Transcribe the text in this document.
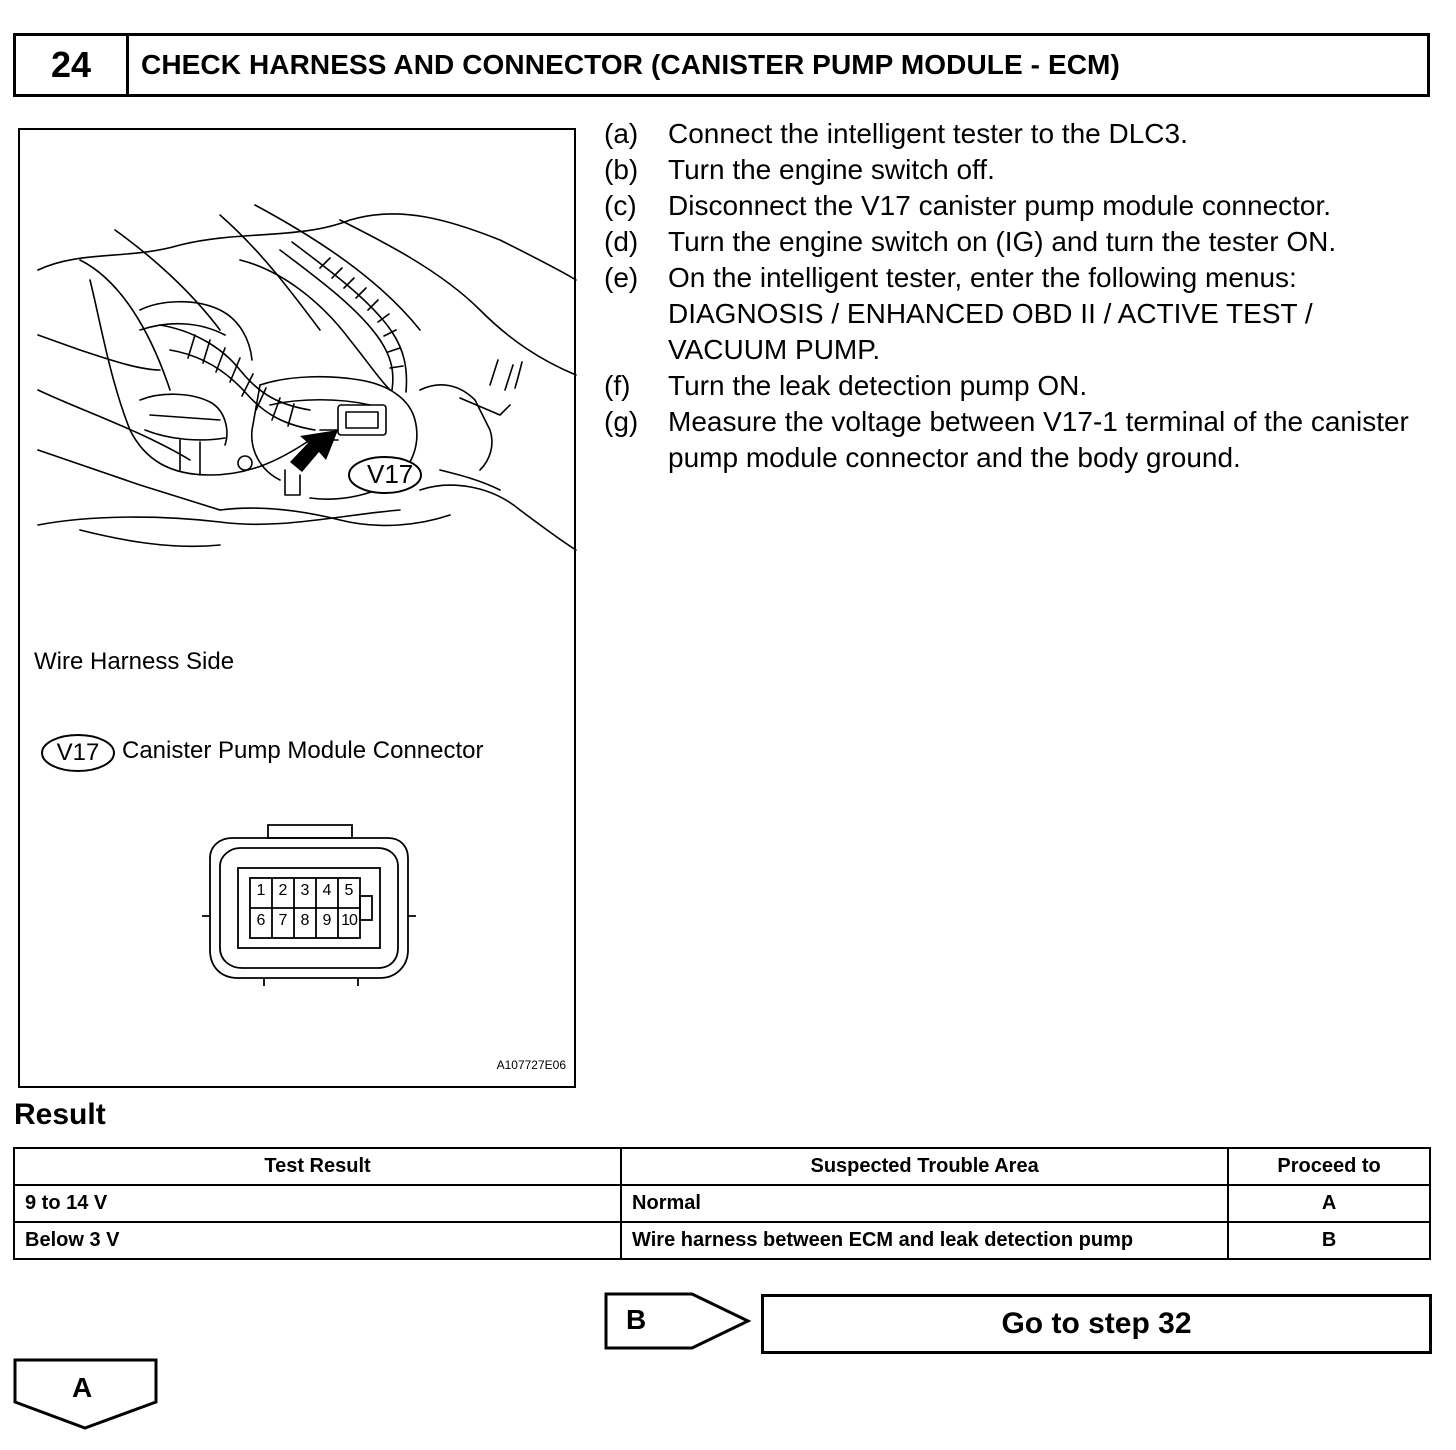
24	CHECK HARNESS AND CONNECTOR (CANISTER PUMP MODULE - ECM)
V17
Wire Harness Side
V17 Canister Pump Module Connector
1 2 3 4 5
6 7 8 9 10
A107727E06
(a)	Connect the intelligent tester to the DLC3.
(b)	Turn the engine switch off.
(c)	Disconnect the V17 canister pump module connector.
(d)	Turn the engine switch on (IG) and turn the tester ON.
(e)	On the intelligent tester, enter the following menus: DIAGNOSIS / ENHANCED OBD II / ACTIVE TEST / VACUUM PUMP.
(f)	Turn the leak detection pump ON.
(g)	Measure the voltage between V17-1 terminal of the canister pump module connector and the body ground.
Result
Test Result	Suspected Trouble Area	Proceed to
9 to 14 V	Normal	A
Below 3 V	Wire harness between ECM and leak detection pump	B
B	Go to step 32
A
